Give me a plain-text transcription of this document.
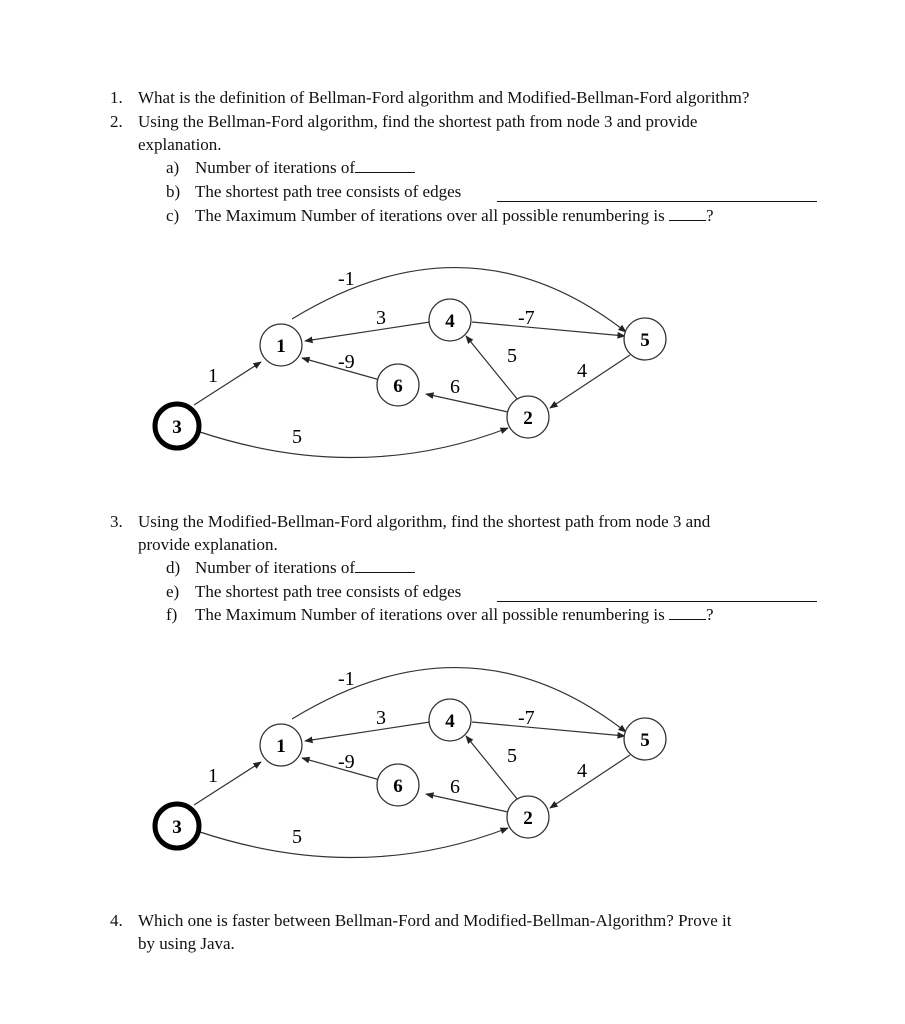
1. What is the definition of Bellman-Ford algorithm and Modified-Bellman-Ford algorithm?
2. Using the Bellman-Ford algorithm, find the shortest path from node 3 and provide
explanation.
a) Number of iterations of
b) The shortest path tree consists of edges
c) The Maximum Number of iterations over all possible renumbering is ?
-1
3	-7
-9
1	6
5
4
5
1
4
5
6
2
3
3. Using the Modified-Bellman-Ford algorithm, find the shortest path from node 3 and
provide explanation.
d) Number of iterations of
e) The shortest path tree consists of edges
f) The Maximum Number of iterations over all possible renumbering is ?
-1
3	-7
-9
1	6
5
4
5
1
4
5
6
2
3
4. Which one is faster between Bellman-Ford and Modified-Bellman-Algorithm? Prove it
by using Java.
